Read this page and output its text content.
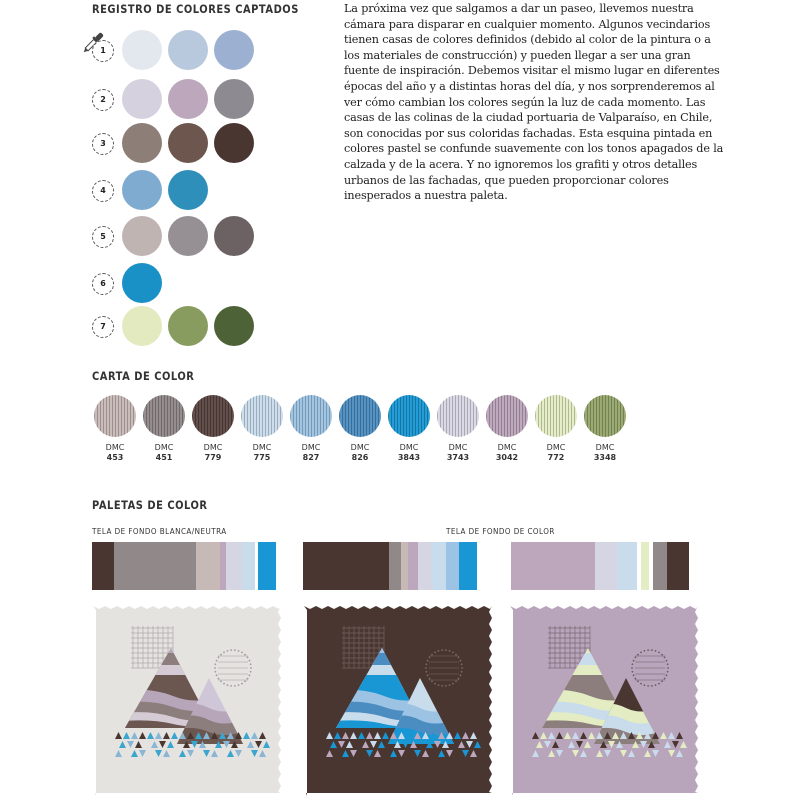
REGISTRO DE COLORES CAPTADOS
1
2
3
4
5
6
7

La próxima vez que salgamos a dar un paseo, llevemos nuestra cámara para disparar en cualquier momento. Algunos vecindarios tienen casas de colores definidos (debido al color de la pintura o a los materiales de construcción) y pueden llegar a ser una gran fuente de inspiración. Debemos visitar el mismo lugar en diferentes épocas del año y a distintas horas del día, y nos sorprenderemos al ver cómo cambian los colores según la luz de cada momento. Las casas de las colinas de la ciudad portuaria de Valparaíso, en Chile, son conocidas por sus coloridas fachadas. Esta esquina pintada en colores pastel se confunde suavemente con los tonos apagados de la calzada y de la acera. Y no ignoremos los grafiti y otros detalles urbanos de las fachadas, que pueden proporcionar colores inesperados a nuestra paleta.

CARTA DE COLOR
DMC
453
DMC
451
DMC
779
DMC
775
DMC
827
DMC
826
DMC
3843
DMC
3743
DMC
3042
DMC
772
DMC
3348
PALETAS DE COLOR
TELA DE FONDO BLANCA/NEUTRA	TELA DE FONDO DE COLOR
